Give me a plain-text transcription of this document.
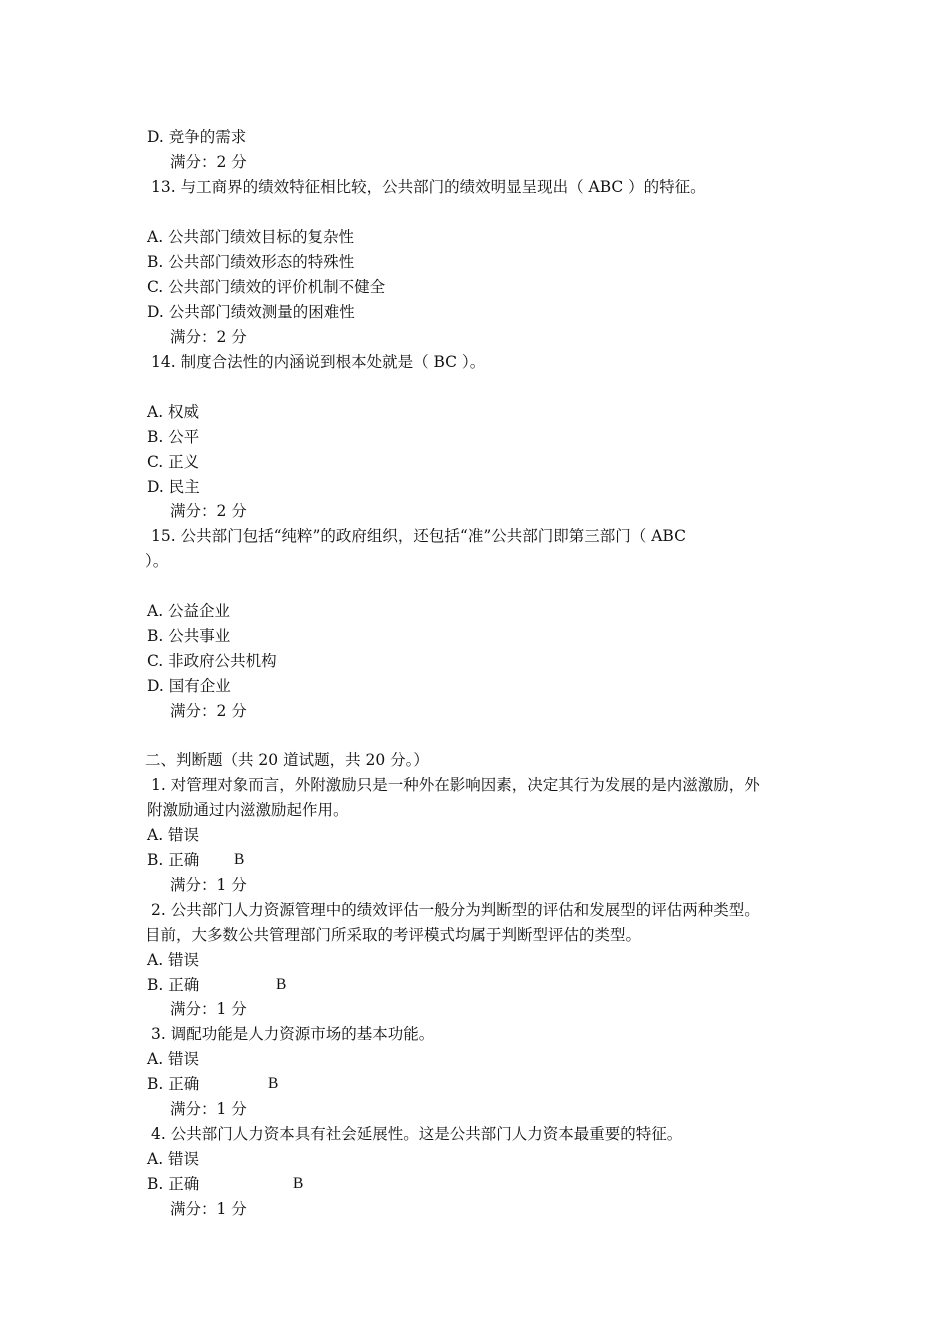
D. 竞争的需求
满分：2 分
13. 与工商界的绩效特征相比较，公共部门的绩效明显呈现出（ ABC ）的特征。
A. 公共部门绩效目标的复杂性
B. 公共部门绩效形态的特殊性
C. 公共部门绩效的评价机制不健全
D. 公共部门绩效测量的困难性
满分：2 分
14. 制度合法性的内涵说到根本处就是（ BC ）。
A. 权威
B. 公平
C. 正义
D. 民主
满分：2 分
15. 公共部门包括“纯粹”的政府组织，还包括“准”公共部门即第三部门（ ABC
）。
A. 公益企业
B. 公共事业
C. 非政府公共机构
D. 国有企业
满分：2 分
二、判断题（共 20 道试题，共 20 分。）
1. 对管理对象而言，外附激励只是一种外在影响因素，决定其行为发展的是内滋激励，外
附激励通过内滋激励起作用。
A. 错误
B. 正确 B
满分：1 分
2. 公共部门人力资源管理中的绩效评估一般分为判断型的评估和发展型的评估两种类型。
目前，大多数公共管理部门所采取的考评模式均属于判断型评估的类型。
A. 错误
B. 正确	B
满分：1 分
3. 调配功能是人力资源市场的基本功能。
A. 错误
B. 正确	B
满分：1 分
4. 公共部门人力资本具有社会延展性。这是公共部门人力资本最重要的特征。
A. 错误
B. 正确	B
满分：1 分
